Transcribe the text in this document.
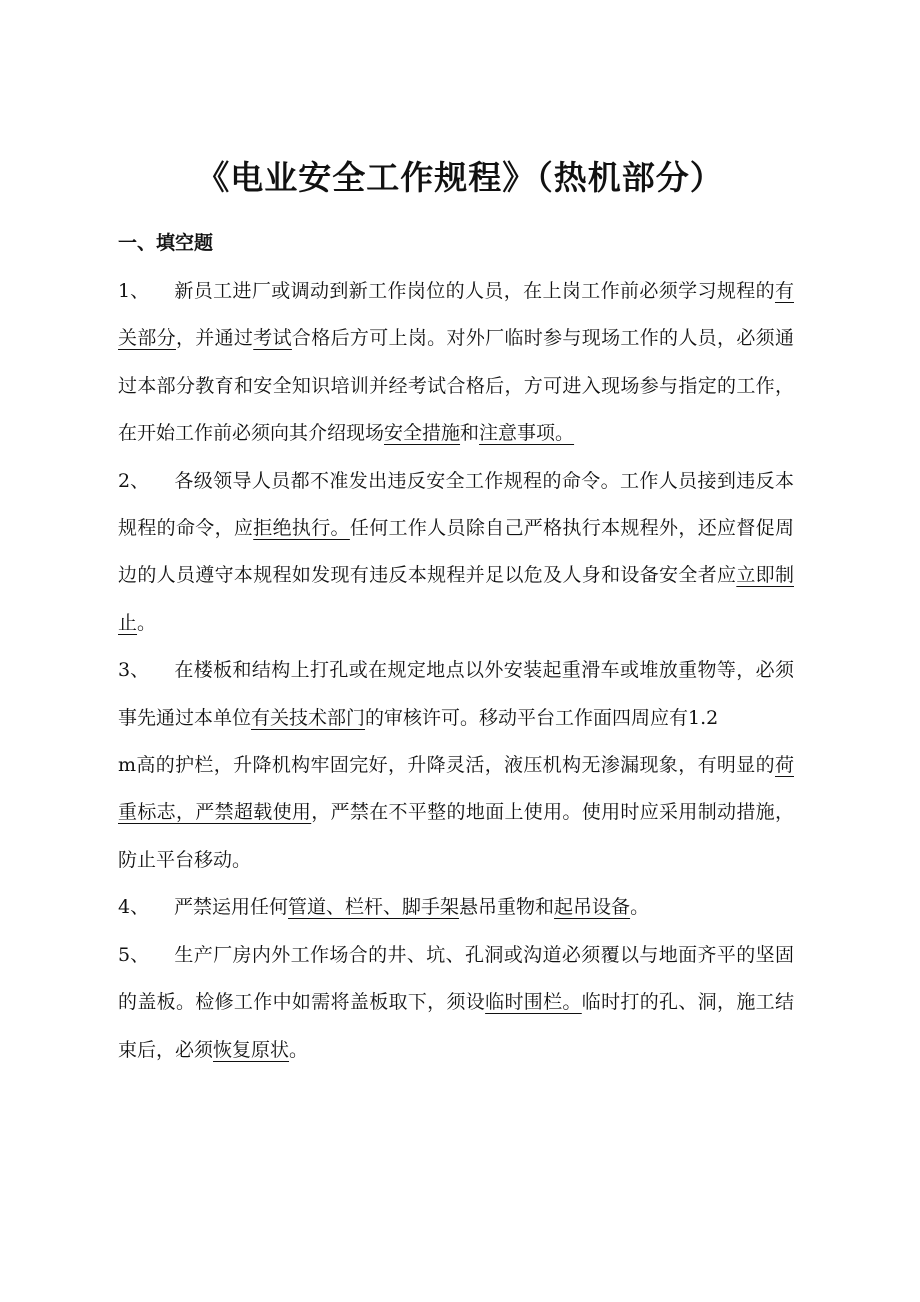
《电业安全工作规程》（热机部分）
一、填空题

1、 新员工进厂或调动到新工作岗位的人员，在上岗工作前必须学习规程的有关部分，并通过考试合格后方可上岗。对外厂临时参与现场工作的人员，必须通过本部分教育和安全知识培训并经考试合格后，方可进入现场参与指定的工作，在开始工作前必须向其介绍现场安全措施和注意事项。

2、 各级领导人员都不准发出违反安全工作规程的命令。工作人员接到违反本规程的命令，应拒绝执行。任何工作人员除自己严格执行本规程外，还应督促周边的人员遵守本规程如发现有违反本规程并足以危及人身和设备安全者应立即制止。

3、 在楼板和结构上打孔或在规定地点以外安装起重滑车或堆放重物等，必须事先通过本单位有关技术部门的审核许可。移动平台工作面四周应有1.2
m高的护栏，升降机构牢固完好，升降灵活，液压机构无渗漏现象，有明显的荷重标志，严禁超载使用，严禁在不平整的地面上使用。使用时应采用制动措施，防止平台移动。

4、 严禁运用任何管道、栏杆、脚手架悬吊重物和起吊设备。

5、 生产厂房内外工作场合的井、坑、孔洞或沟道必须覆以与地面齐平的坚固的盖板。检修工作中如需将盖板取下，须设临时围栏。临时打的孔、洞，施工结束后，必须恢复原状。
